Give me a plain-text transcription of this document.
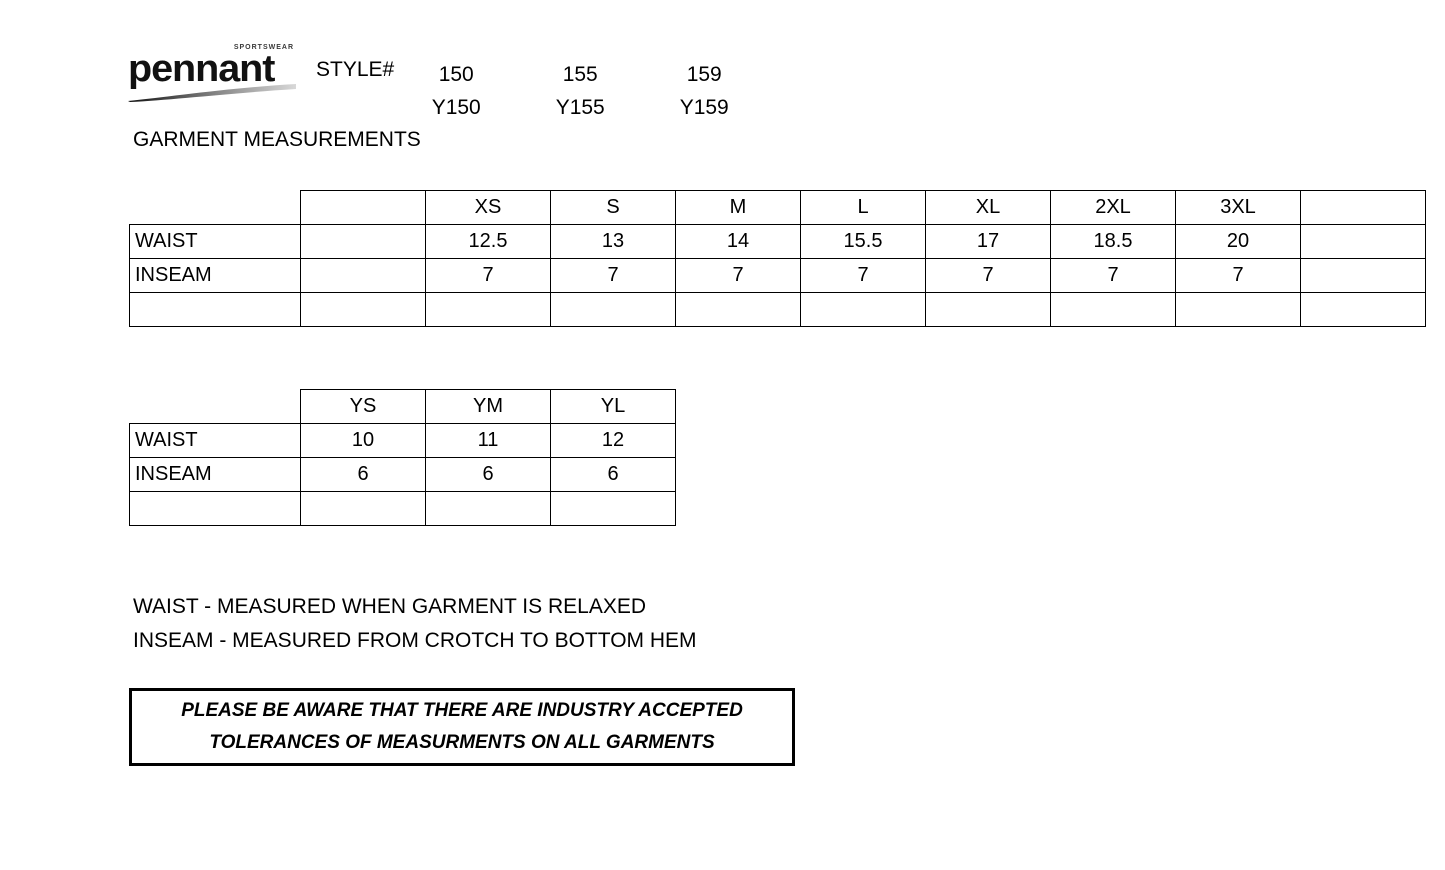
SPORTSWEAR
pennant STYLE#	150
Y150
155
Y155
159
Y159
GARMENT MEASUREMENTS
		XS	S	M	L	XL	2XL	3XL	
WAIST		12.5	13	14	15.5	17	18.5	20	
INSEAM		7	7	7	7	7	7	7	

	YS	YM	YL
WAIST	10	11	12
INSEAM	6	6	6

WAIST - MEASURED WHEN GARMENT IS RELAXED
INSEAM - MEASURED FROM CROTCH TO BOTTOM HEM
PLEASE BE AWARE THAT THERE ARE INDUSTRY ACCEPTED
TOLERANCES OF MEASURMENTS ON ALL GARMENTS
